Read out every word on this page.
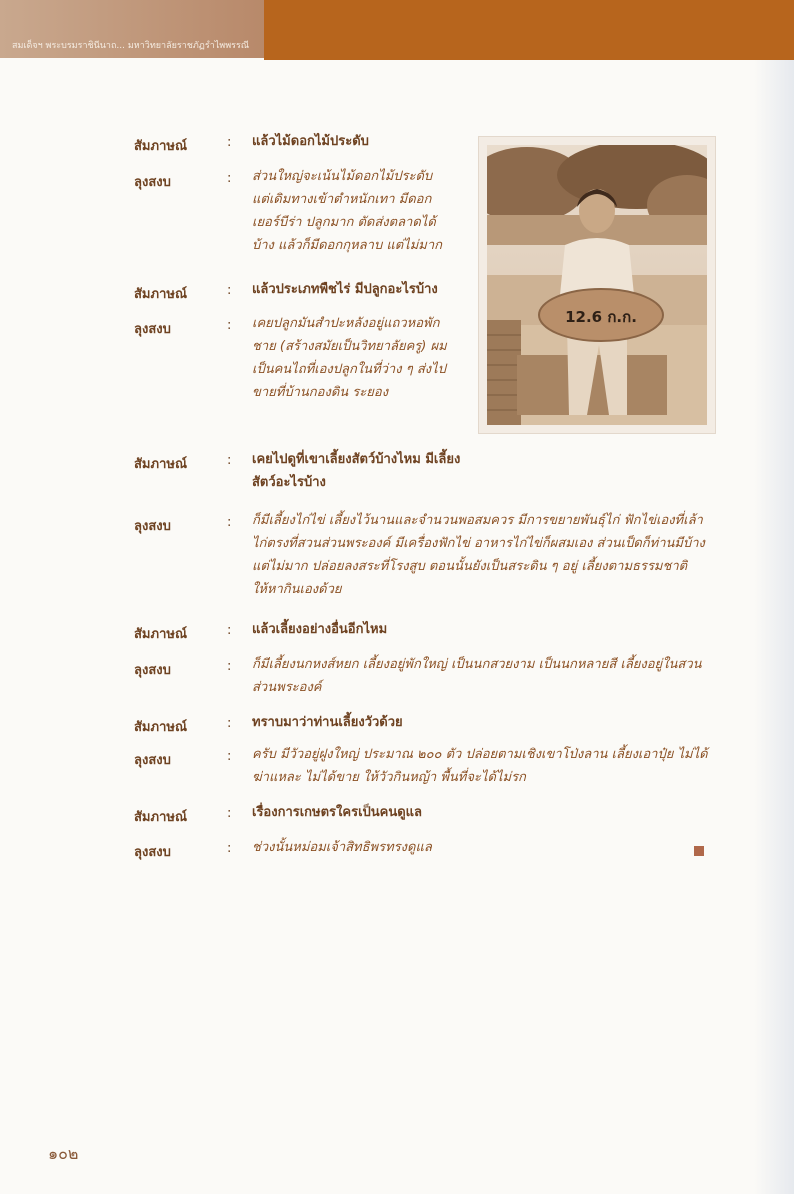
สมเด็จฯ พระบรมราชินีนาถ... มหาวิทยาลัยราชภัฏรำไพพรรณี
12.6 ก.ก.
สัมภาษณ์	: แล้วไม้ดอกไม้ประดับ
ลุงสงบ	: ส่วนใหญ่จะเน้นไม้ดอกไม้ประดับ แต่เดิมทางเข้าตำหนักเทา มีดอกเยอร์บีร่า ปลูกมาก ตัดส่งตลาดได้บ้าง แล้วก็มีดอกกุหลาบ แต่ไม่มาก
สัมภาษณ์	: แล้วประเภทพืชไร่ มีปลูกอะไรบ้าง
ลุงสงบ	: เคยปลูกมันสำปะหลังอยู่แถวหอพักชาย (สร้างสมัยเป็นวิทยาลัยครู) ผมเป็นคนไถที่เองปลูกในที่ว่าง ๆ ส่งไปขายที่บ้านกองดิน ระยอง
สัมภาษณ์	: เคยไปดูที่เขาเลี้ยงสัตว์บ้างไหม มีเลี้ยงสัตว์อะไรบ้าง
ลุงสงบ	: ก็มีเลี้ยงไก่ไข่ เลี้ยงไว้นานและจำนวนพอสมควร มีการขยายพันธุ์ไก่ ฟักไข่เองที่เล้าไก่ตรงที่สวนส่วนพระองค์ มีเครื่องฟักไข่ อาหารไก่ไข่ก็ผสมเอง ส่วนเป็ดก็ท่านมีบ้างแต่ไม่มาก ปล่อยลงสระที่โรงสูบ ตอนนั้นยังเป็นสระดิน ๆ อยู่ เลี้ยงตามธรรมชาติ ให้หากินเองด้วย
สัมภาษณ์	: แล้วเลี้ยงอย่างอื่นอีกไหม
ลุงสงบ	: ก็มีเลี้ยงนกหงส์หยก เลี้ยงอยู่พักใหญ่ เป็นนกสวยงาม เป็นนกหลายสี เลี้ยงอยู่ในสวนส่วนพระองค์
สัมภาษณ์	: ทราบมาว่าท่านเลี้ยงวัวด้วย
ลุงสงบ	: ครับ มีวัวอยู่ฝูงใหญ่ ประมาณ ๒๐๐ ตัว ปล่อยตามเชิงเขาโป่งลาน เลี้ยงเอาปุ๋ย ไม่ได้ฆ่าแหละ ไม่ได้ขาย ให้วัวกินหญ้า พื้นที่จะได้ไม่รก
สัมภาษณ์	: เรื่องการเกษตรใครเป็นคนดูแล
ลุงสงบ	: ช่วงนั้นหม่อมเจ้าสิทธิพรทรงดูแล
๑๐๒
